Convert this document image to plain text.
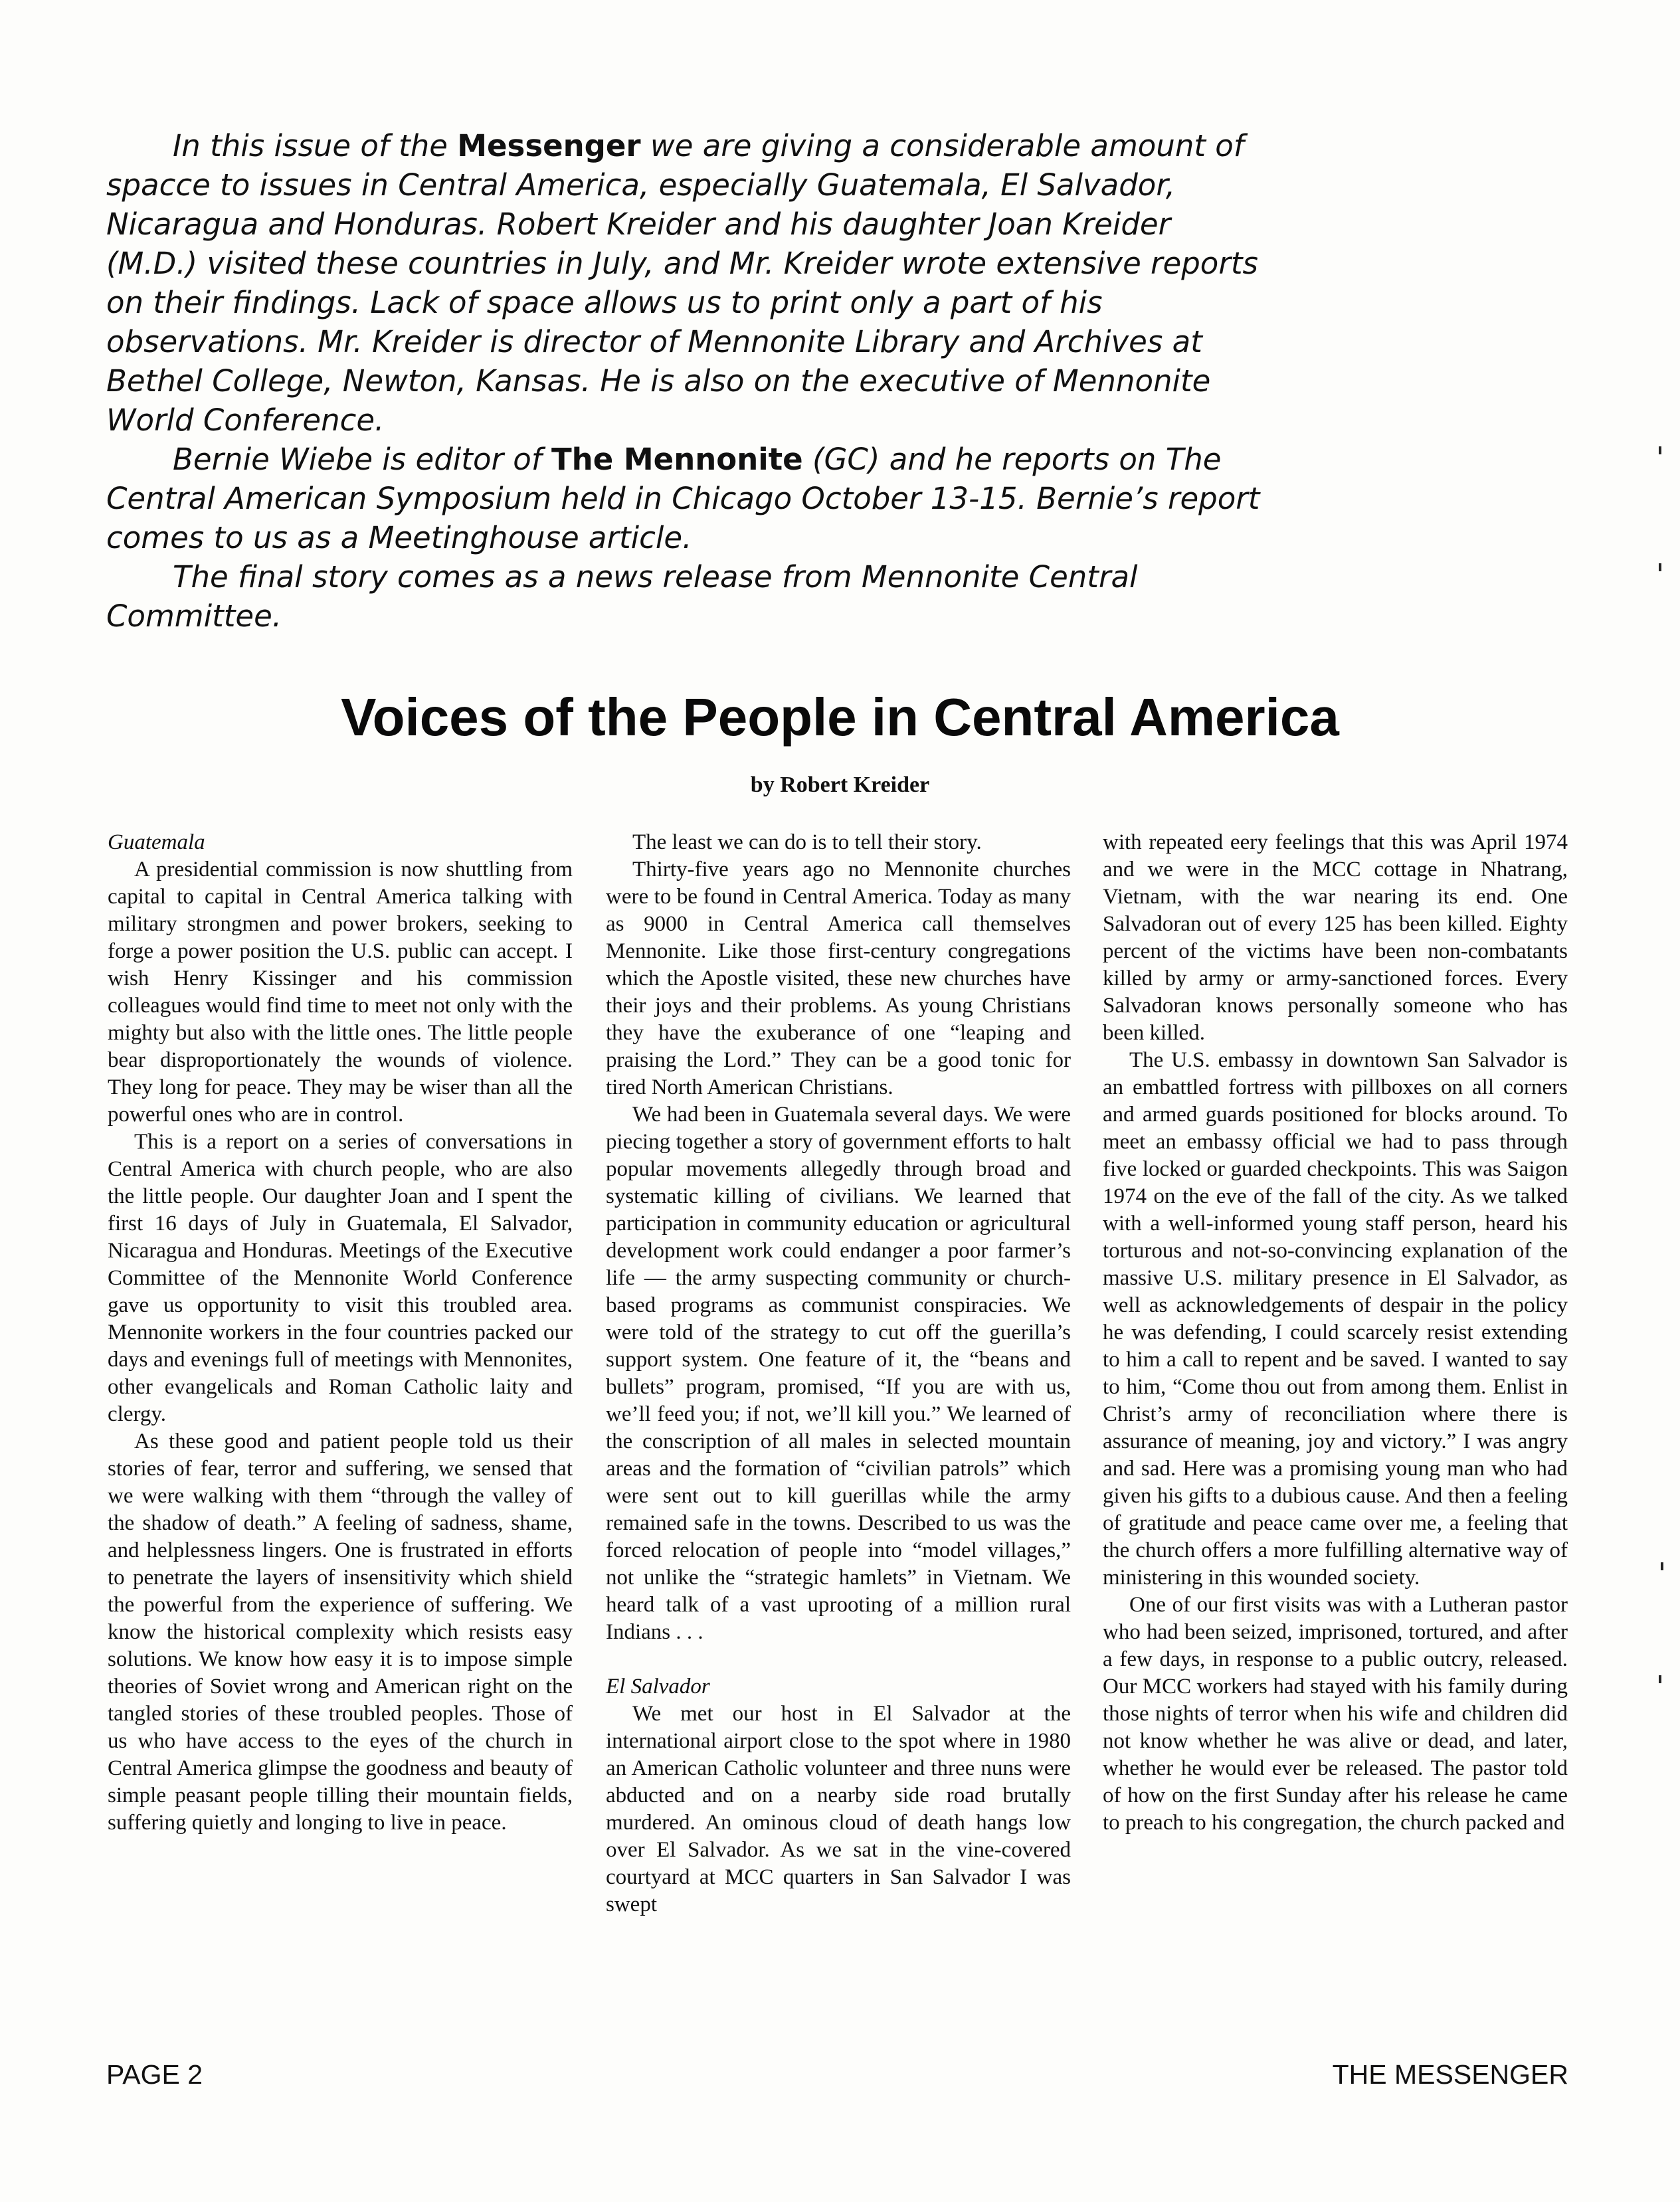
In this issue of the Messenger we are giving a considerable amount of spacce to issues in Central America, especially Guatemala, El Salvador, Nicaragua and Honduras. Robert Kreider and his daughter Joan Kreider (M.D.) visited these countries in July, and Mr. Kreider wrote extensive reports on their findings. Lack of space allows us to print only a part of his observations. Mr. Kreider is director of Mennonite Library and Archives at Bethel College, Newton, Kansas. He is also on the executive of Mennonite World Conference.

Bernie Wiebe is editor of The Mennonite (GC) and he reports on The Central American Symposium held in Chicago October 13-15. Bernie’s report comes to us as a Meetinghouse article.

The final story comes as a news release from Mennonite Central Committee.

Voices of the People in Central America
by Robert Kreider

Guatemala

A presidential commission is now shuttling from capital to capital in Central America talking with military strongmen and power brokers, seeking to forge a power position the U.S. public can accept. I wish Henry Kissinger and his commission colleagues would find time to meet not only with the mighty but also with the little ones. The little people bear disproportionately the wounds of violence. They long for peace. They may be wiser than all the powerful ones who are in control.

This is a report on a series of conversations in Central America with church people, who are also the little people. Our daughter Joan and I spent the first 16 days of July in Guatemala, El Salvador, Nicaragua and Honduras. Meetings of the Executive Committee of the Mennonite World Conference gave us opportunity to visit this troubled area. Mennonite workers in the four countries packed our days and evenings full of meetings with Mennonites, other evangelicals and Roman Catholic laity and clergy.

As these good and patient people told us their stories of fear, terror and suffering, we sensed that we were walking with them “through the valley of the shadow of death.” A feeling of sadness, shame, and helplessness lingers. One is frustrated in efforts to penetrate the layers of insensitivity which shield the powerful from the experience of suffering. We know the historical complexity which resists easy solutions. We know how easy it is to impose simple theories of Soviet wrong and American right on the tangled stories of these troubled peoples. Those of us who have access to the eyes of the church in Central America glimpse the goodness and beauty of simple peasant people tilling their mountain fields, suffering quietly and longing to live in peace.

The least we can do is to tell their story.

Thirty-five years ago no Mennonite churches were to be found in Central America. Today as many as 9000 in Central America call themselves Mennonite. Like those first-century congregations which the Apostle visited, these new churches have their joys and their problems. As young Christians they have the exuberance of one “leaping and praising the Lord.” They can be a good tonic for tired North American Christians.

We had been in Guatemala several days. We were piecing together a story of government efforts to halt popular movements allegedly through broad and systematic killing of civilians. We learned that participation in community education or agricultural development work could endanger a poor farmer’s life — the army suspecting community or church-based programs as communist conspiracies. We were told of the strategy to cut off the guerilla’s support system. One feature of it, the “beans and bullets” program, promised, “If you are with us, we’ll feed you; if not, we’ll kill you.” We learned of the conscription of all males in selected mountain areas and the formation of “civilian patrols” which were sent out to kill guerillas while the army remained safe in the towns. Described to us was the forced relocation of people into “model villages,” not unlike the “strategic hamlets” in Vietnam. We heard talk of a vast uprooting of a million rural Indians . . .

El Salvador

We met our host in El Salvador at the international airport close to the spot where in 1980 an American Catholic volunteer and three nuns were abducted and on a nearby side road brutally murdered. An ominous cloud of death hangs low over El Salvador. As we sat in the vine-covered courtyard at MCC quarters in San Salvador I was swept

with repeated eery feelings that this was April 1974 and we were in the MCC cottage in Nhatrang, Vietnam, with the war nearing its end. One Salvadoran out of every 125 has been killed. Eighty percent of the victims have been non-combatants killed by army or army-sanctioned forces. Every Salvadoran knows personally someone who has been killed.

The U.S. embassy in downtown San Salvador is an embattled fortress with pillboxes on all corners and armed guards positioned for blocks around. To meet an embassy official we had to pass through five locked or guarded checkpoints. This was Saigon 1974 on the eve of the fall of the city. As we talked with a well-informed young staff person, heard his torturous and not-so-convincing explanation of the massive U.S. military presence in El Salvador, as well as acknowledgements of despair in the policy he was defending, I could scarcely resist extending to him a call to repent and be saved. I wanted to say to him, “Come thou out from among them. Enlist in Christ’s army of reconciliation where there is assurance of meaning, joy and victory.” I was angry and sad. Here was a promising young man who had given his gifts to a dubious cause. And then a feeling of gratitude and peace came over me, a feeling that the church offers a more fulfilling alternative way of ministering in this wounded society.

One of our first visits was with a Lutheran pastor who had been seized, imprisoned, tortured, and after a few days, in response to a public outcry, released. Our MCC workers had stayed with his family during those nights of terror when his wife and children did not know whether he was alive or dead, and later, whether he would ever be released. The pastor told of how on the first Sunday after his release he came to preach to his congregation, the church packed and

PAGE 2	THE MESSENGER
